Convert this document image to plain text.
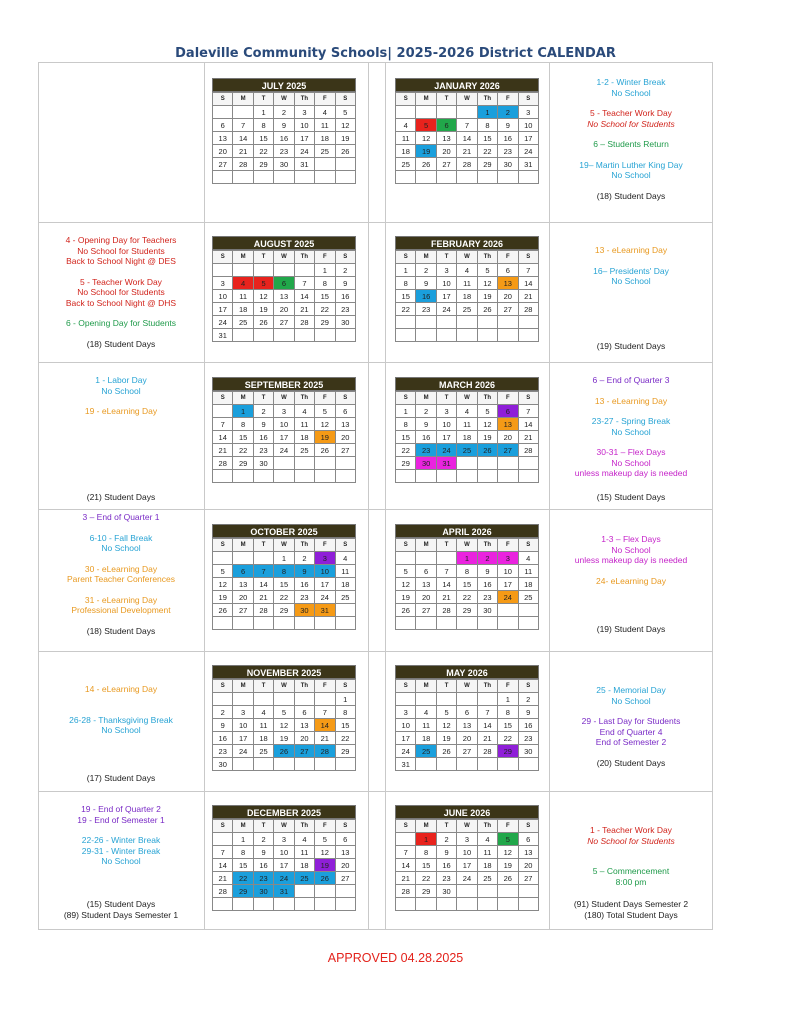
Daleville Community Schools| 2025-2026 District CALENDAR
JULY 2025
S	M	T	W	Th	F	S
		1	2	3	4	5
6	7	8	9	10	11	12
13	14	15	16	17	18	19
20	21	22	23	24	25	26
27	28	29	30	31		

JANUARY 2026
S	M	T	W	Th	F	S
				1	2	3
4	5	6	7	8	9	10
11	12	13	14	15	16	17
18	19	20	21	22	23	24
25	26	27	28	29	30	31

AUGUST 2025
S	M	T	W	Th	F	S
					1	2
3	4	5	6	7	8	9
10	11	12	13	14	15	16
17	18	19	20	21	22	23
24	25	26	27	28	29	30
31						
FEBRUARY 2026
S	M	T	W	Th	F	S
1	2	3	4	5	6	7
8	9	10	11	12	13	14
15	16	17	18	19	20	21
22	23	24	25	26	27	28

SEPTEMBER 2025
S	M	T	W	Th	F	S
	1	2	3	4	5	6
7	8	9	10	11	12	13
14	15	16	17	18	19	20
21	22	23	24	25	26	27
28	29	30				

MARCH 2026
S	M	T	W	Th	F	S
1	2	3	4	5	6	7
8	9	10	11	12	13	14
15	16	17	18	19	20	21
22	23	24	25	26	27	28
29	30	31				

OCTOBER 2025
S	M	T	W	Th	F	S
			1	2	3	4
5	6	7	8	9	10	11
12	13	14	15	16	17	18
19	20	21	22	23	24	25
26	27	28	29	30	31	

APRIL 2026
S	M	T	W	Th	F	S
			1	2	3	4
5	6	7	8	9	10	11
12	13	14	15	16	17	18
19	20	21	22	23	24	25
26	27	28	29	30		

NOVEMBER 2025
S	M	T	W	Th	F	S
						1
2	3	4	5	6	7	8
9	10	11	12	13	14	15
16	17	18	19	20	21	22
23	24	25	26	27	28	29
30						
MAY 2026
S	M	T	W	Th	F	S
					1	2
3	4	5	6	7	8	9
10	11	12	13	14	15	16
17	18	19	20	21	22	23
24	25	26	27	28	29	30
31						
DECEMBER 2025
S	M	T	W	Th	F	S
	1	2	3	4	5	6
7	8	9	10	11	12	13
14	15	16	17	18	19	20
21	22	23	24	25	26	27
28	29	30	31			

JUNE 2026
S	M	T	W	Th	F	S
	1	2	3	4	5	6
7	8	9	10	11	12	13
14	15	16	17	18	19	20
21	22	23	24	25	26	27
28	29	30				

1-2 - Winter Break
No School
5 - Teacher Work Day
No School for Students
6 – Students Return
19– Martin Luther King Day
No School
(18) Student Days
4 - Opening Day for Teachers
No School for Students
Back to School Night @ DES
5 - Teacher Work Day
No School for Students
Back to School Night @ DHS
6 - Opening Day for Students
(18) Student Days
13 - eLearning Day
16– Presidents' Day
No School
(19) Student Days
1 - Labor Day
No School
19 - eLearning Day
(21) Student Days
6 – End of Quarter 3
13 - eLearning Day
23-27 - Spring Break
No School
30-31 – Flex Days
No School
unless makeup day is needed
(15) Student Days
3 – End of Quarter 1
6-10 - Fall Break
No School
30 - eLearning Day
Parent Teacher Conferences
31 - eLearning Day
Professional Development
(18) Student Days
1-3 – Flex Days
No School
unless makeup day is needed
24- eLearning Day
(19) Student Days
14 - eLearning Day
26-28 - Thanksgiving Break
No School
(17) Student Days
25 - Memorial Day
No School
29 - Last Day for Students
End of Quarter 4
End of Semester 2
(20) Student Days
19 - End of Quarter 2
19 - End of Semester 1
22-26 - Winter Break
29-31 - Winter Break
No School
(15) Student Days
(89) Student Days Semester 1
1 - Teacher Work Day
No School for Students
5 – Commencement
8:00 pm
(91) Student Days Semester 2
(180) Total Student Days
APPROVED 04.28.2025
